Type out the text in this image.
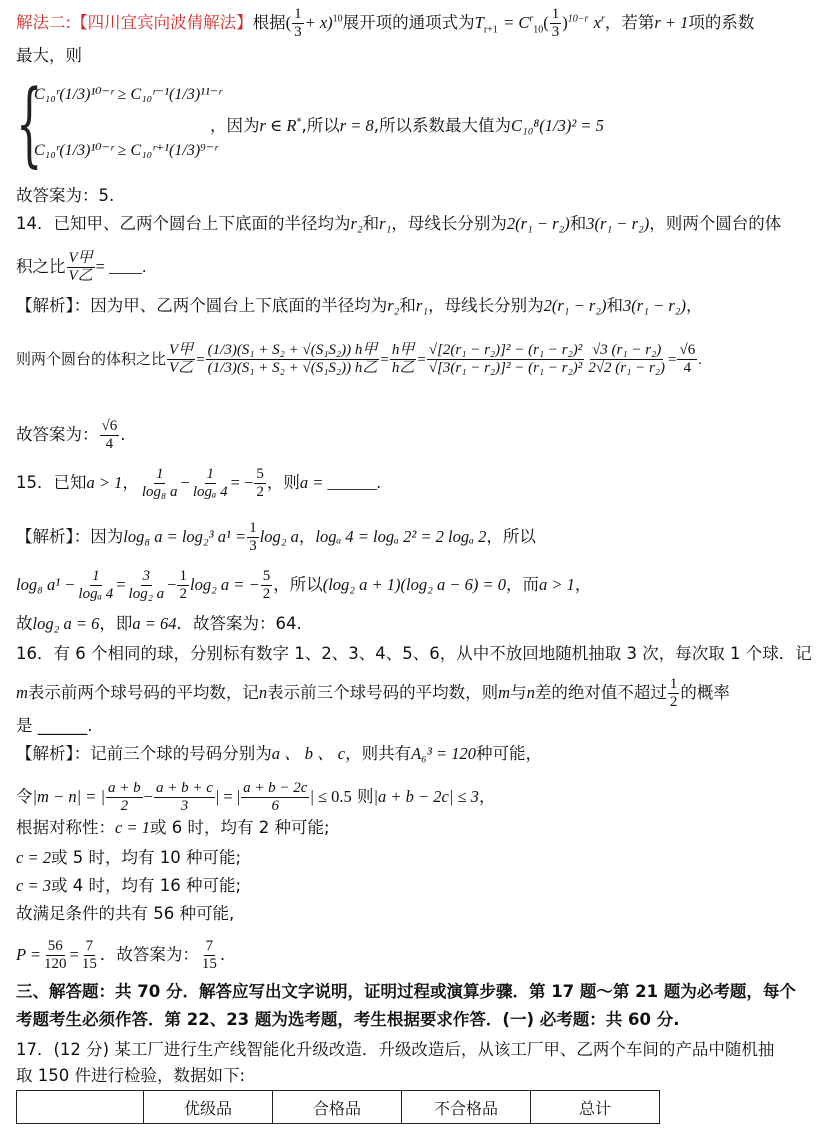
解法二:【四川宜宾向波倩解法】根据( $\frac{1}{3} + x)^{10}$展开项的通项式为$T_{r+1} = C^r_{10}( \frac{1}{3} )^{10-r}$ $x^r$，若第r + 1项的系数
最大，则
{
C₁₀ʳ(1/3)¹⁰⁻ʳ ≥ C₁₀ʳ⁻¹(1/3)¹¹⁻ʳ
C₁₀ʳ(1/3)¹⁰⁻ʳ ≥ C₁₀ʳ⁺¹(1/3)⁹⁻ʳ
，因为r ∈ R*,所以r = 8,所以系数最大值为C₁₀⁸(1/3)² = 5
故答案为：5.
14．已知甲、乙两个圆台上下底面的半径均为r₂和r₁，母线长分别为2(r₁ − r₂)和3(r₁ − r₂)，则两个圆台的体
积之比 $\frac{\text{V甲}}{\text{V乙}}$ = ____.
【解析】：因为甲、乙两个圆台上下底面的半径均为r₂和r₁，母线长分别为2(r₁ − r₂)和3(r₁ − r₂)，
则两个圆台的体积之比 $\frac{\text{V甲}}{\text{V乙}} = \frac{\text{(1/3)(S₁ + S₂ + √(S₁S₂)) h甲}}{\text{(1/3)(S₁ + S₂ + √(S₁S₂)) h乙}} = \frac{\text{h甲}}{\text{h乙}} = \frac{\text{√[2(r₁ − r₂)]² − (r₁ − r₂)²}}{\text{√[3(r₁ − r₂)]² − (r₁ − r₂)²}} \frac{\text{√3 (r₁ − r₂)}}{\text{2√2 (r₁ − r₂)}} = \frac{√6}{4}$ .
故答案为： $\frac{√6}{4}$ .
15．已知a > 1， $\frac{1}{\text{log₈ a}} - \frac{1}{\text{logₐ 4}}$ = − $\frac{5}{2}$ ，则a = ______.
【解析】：因为log₈ a = log₂³ $a^1 = \frac{1}{3} \log_2$ a，logₐ 4 = logₐ 2² = 2 logₐ 2，所以
log₈ $a^1 - \frac{1}{\text{logₐ 4}} = \frac{3}{\text{log₂ a}} - \frac{1}{2} \log_2$ a = − $\frac{5}{2}$ ，所以(log₂ a + 1)(log₂ a − 6) = 0，而a > 1，
故log₂ a = 6，即a = 64．故答案为：64.
16．有 6 个相同的球，分别标有数字 1、2、3、4、5、6，从中不放回地随机抽取 3 次，每次取 1 个球．记
m表示前两个球号码的平均数，记n表示前三个球号码的平均数，则m与n差的绝对值不超过 $\frac{1}{2}$ 的概率
是 ______.
【解析】：记前三个球的号码分别为a 、 b 、 c，则共有A₆³ = 120种可能，
令|m − n| = | $\frac{a + b}{2} - \frac{a + b + c}{3}$ | = | $\frac{a + b - 2c}{6}$ | ≤ 0.5 则|a + b − 2c| ≤ 3，
根据对称性：c = 1或 6 时，均有 2 种可能;
c = 2或 5 时，均有 10 种可能;
c = 3或 4 时，均有 16 种可能;
故满足条件的共有 56 种可能,
$P = \frac{56}{120} = \frac{7}{15}$ ．故答案为： $\frac{7}{15}$ .
三、解答题：共 70 分．解答应写出文字说明，证明过程或演算步骤．第 17 题～第 21 题为必考题，每个
考题考生必须作答．第 22、23 题为选考题，考生根据要求作答．(一) 必考题：共 60 分.
17．(12 分) 某工厂进行生产线智能化升级改造．升级改造后，从该工厂甲、乙两个车间的产品中随机抽
取 150 件进行检验，数据如下:
	优级品	合格品	不合格品	总计
